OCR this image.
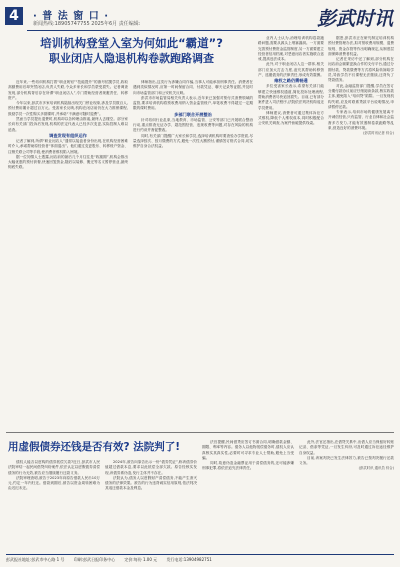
4	· 普 法 窗 口 ·
新闻热线:18905747755 2025年6月 责任编辑:	彭武时讯
培训机构登堂入室为何如此“霸道”?
职业闭店人隐退机构卷款跑路调查

近年来,一些培训机构打着“职业规划”“技能提升”的旗号招揽学员,收取高额费用后却突然闭店,负责人失联,令众多家长和学员蒙受损失。记者调查发现,部分机构背后存在所谓“职业闭店人”,专门帮助经营者规避责任、转移资产。

今年以来,彭武市多家培训机构陆续出现关门停业现象,涉及学员数百人,预付费用累计超过百万元。受害家长反映,机构在闭店前仍在大力推销课程,鼓励学员一次性购买多期课时,并承诺“不满意可随时退费”。

然而当学员提出退费时,机构却以各种理由推诿,最终人去楼空。部分家长向有关部门投诉后发现,机构的法定代表人已经多次变更,实际控制人难以追查。

调查发现有组织运作

记者了解到,所谓“职业闭店人”通常以接盘者身份出现,在机构经营困难时介入,承诺帮助原经营者“体面退出”。他们通过变更股东、转移账户资金、注销关联公司等手段,使消费者维权陷入困境。

据一位知情人士透露,闭店前的最后几个月往往是“收割期”,机构会推出大幅优惠的预付套餐,快速回笼资金,随后以装修、搬迁等名义暂停营业,最终彻底失联。

律师指出,这类行为涉嫌合同诈骗,当事人可能承担刑事责任。消费者在遇到类似情况时,应第一时间保留合同、付款凭证、聊天记录等证据,并及时向市场监管部门和公安机关反映。

彭武市市场监管局相关负责人表示,近年来已加强对预付式消费领域的监管,要求培训机构将预收费用纳入资金监管账户,单笔收费不得超过一定期限的课时费用。

多部门联合开展整治

针对培训行业乱象,当地教育、市场监管、公安等部门已开展联合整治行动,重点排查无证办学、超范围经营、违规收费等问题,对存在风险的机构进行约谈并督促整改。

同时,有关部门提醒广大家长和学员,选择培训机构时要查验办学资质,尽量选择按次、按月缴费的方式,避免一次性大额预付,谨慎签订格式合同,切实维护自身合法权益。

业内人士认为,治理培训机构卷款跑路问题,需要从源头上堵塞漏洞。一方面要完善预付费资金监管制度,另一方面要建立经营者信用档案,对恶意闭店者实施联合惩戒,提高违法成本。

此外,对于职业闭店人这一群体,相关部门应加大打击力度,追究其帮助转移资产、逃避债务的法律责任,形成有效震慑。

维权之路仍需畅通

多位受害家长表示,希望有关部门能够建立快速维权通道,简化投诉处理流程,帮助消费者尽快追回损失。目前,已有部分案件进入司法程序,法院依法判决机构返还学员费用。

律师建议,消费者可通过集体诉讼方式维权,降低个人维权成本,同时积极配合公安机关调查,为案件侦破提供线索。

据悉,彭武市正在研究制定培训机构预付费管理办法,拟对预收费用规模、退费规则、资金存管等作出明确规定,从制度层面保障消费者权益。

记者在采访中还了解到,部分机构在闭店前会频繁更换合作的支付平台,通过分期付款、贷款缴费等方式将风险转嫁给学员,导致学员不仅课程无法继续,还背负了贷款债务。

对此,金融监管部门提醒,学员在签订分期付款协议前应仔细阅读条款,核实收款主体,避免陷入“培训贷”陷阱。一旦发现机构失联,应及时联系贷款平台说明情况,申请暂停还款。

专家表示,培训市场的健康发展离不开诚信经营,只有监管、行业自律和社会监督多方发力,才能有效遏制卷款跑路等乱象,营造良好的消费环境。

(彭武时讯记者 综合)

用虚假债券还钱是否有效? 法院判了!

债权人能否以虚构的债券抵偿欠款?近日,彭武市人民法院审结一起民间借贷纠纷案件,依法认定以虚假债券清偿债务的行为无效,被告应当继续履行还款义务。

法院审理查明,被告于2023年向原告借款人民币10万元,约定一年内归还。借款到期后,被告以资金周转困难为由迟迟未还。

2024年,被告向原告出示一份“债券凭证”,称该债券价值超过借款本息,要求以此抵偿全部欠款。原告经核实发现,该债券系伪造,发行主体并不存在。

法院认为,债务人以虚假财产清偿债务,不能产生消灭债务的法律效果。被告的行为违背诚实信用原则,依法判决其返还借款本金及利息。

法官提醒,民间借贷应签订书面合同,明确借款金额、期限、利率等内容。债务人以他物抵偿债务时,债权人应认真核实其真实性,必要时可寻求专业人士帮助,避免上当受骗。

同时,故意伪造金融票证用于清偿债务的,还可能涉嫌刑事犯罪,将依法追究法律责任。

此外,法官还指出,在借贷关系中,出借人应当保留好转账记录、借条等凭证,一旦发生纠纷,可及时通过诉讼途径维护自身权益。

目前,该案判决已发生法律效力,被告已按判决履行还款义务。

(彭武时讯 通讯员 综合)

彭武报社地址:彭武市中心路 1 号 印刷:彭武日报印务中心 定价:每份 1.00 元 发行电话:13904982751
